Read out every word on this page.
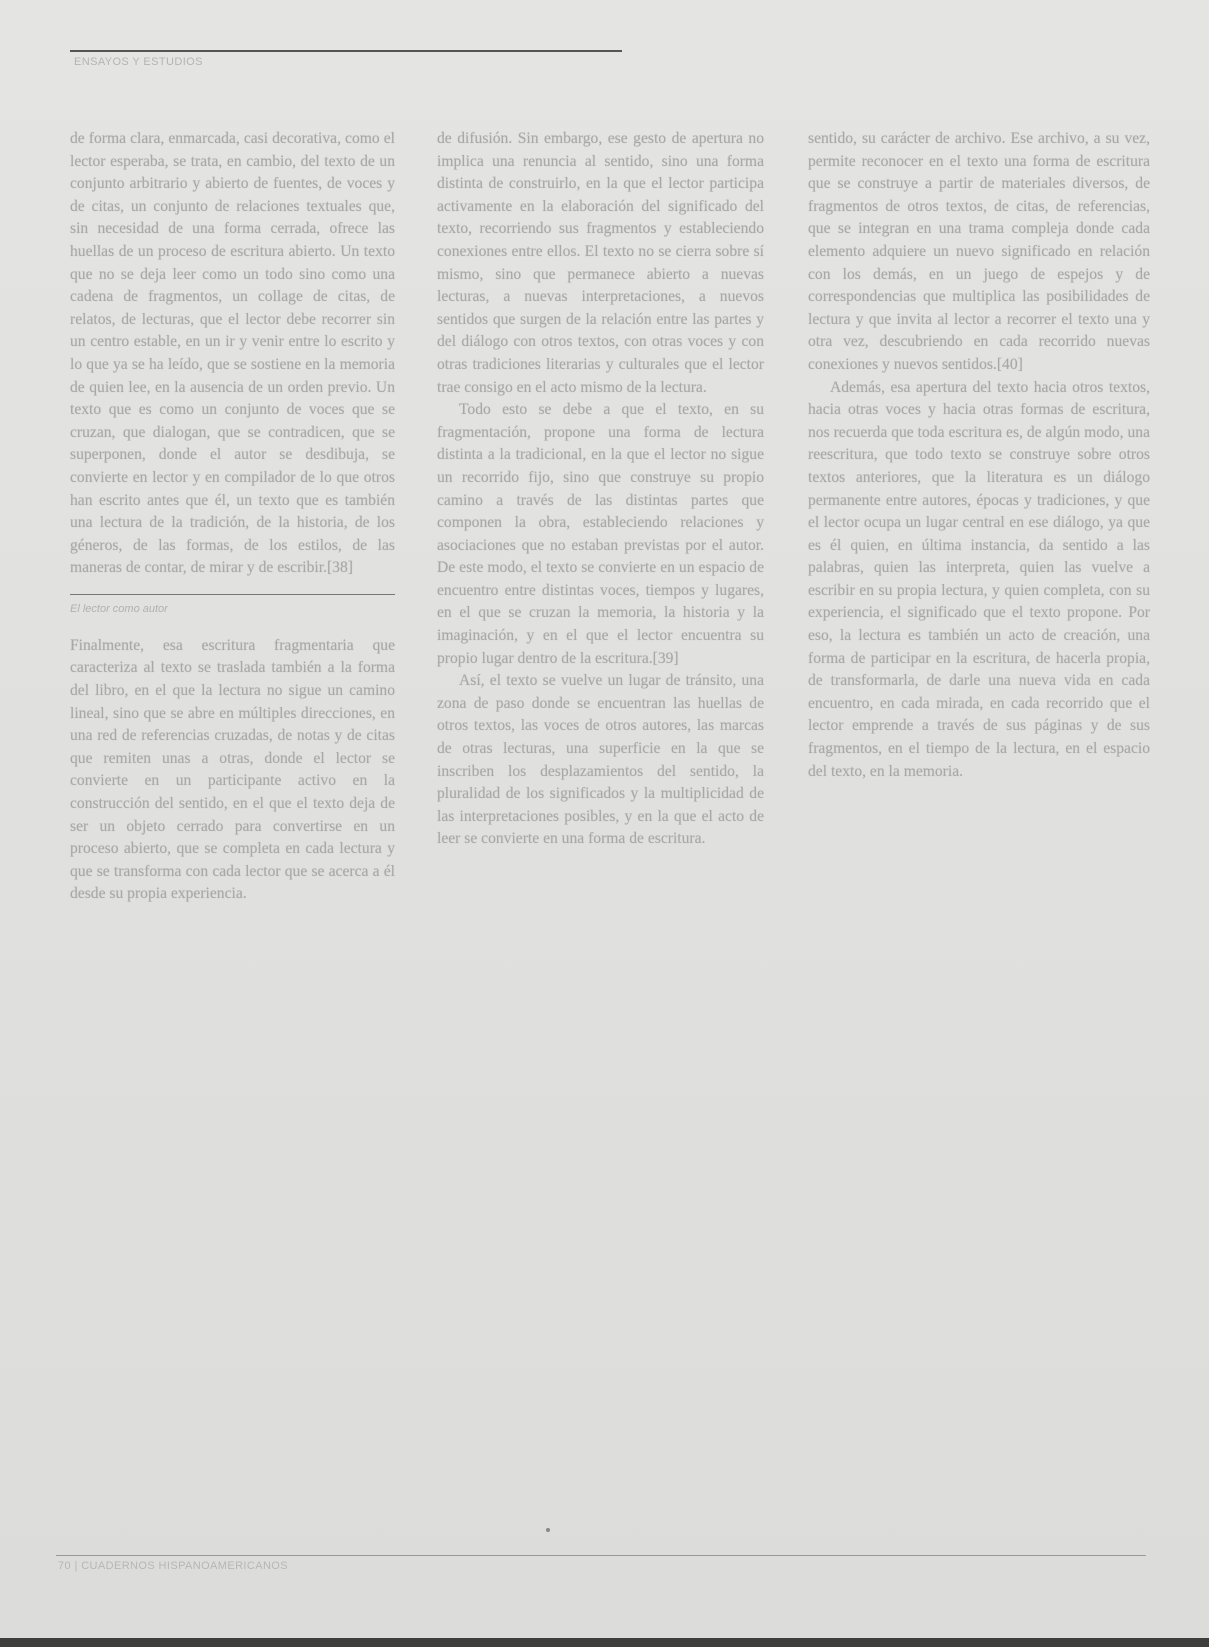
ENSAYOS Y ESTUDIOS

de forma clara, enmarcada, casi decorativa, como el lector esperaba, se trata, en cambio, del texto de un conjunto arbitrario y abierto de fuentes, de voces y de citas, un conjunto de relaciones textuales que, sin necesidad de una forma cerrada, ofrece las huellas de un proceso de escritura abierto. Un texto que no se deja leer como un todo sino como una cadena de fragmentos, un collage de citas, de relatos, de lecturas, que el lector debe recorrer sin un centro estable, en un ir y venir entre lo escrito y lo que ya se ha leído, que se sostiene en la memoria de quien lee, en la ausencia de un orden previo. Un texto que es como un conjunto de voces que se cruzan, que dialogan, que se contradicen, que se superponen, donde el autor se desdibuja, se convierte en lector y en compilador de lo que otros han escrito antes que él, un texto que es también una lectura de la tradición, de la historia, de los géneros, de las formas, de los estilos, de las maneras de contar, de mirar y de escribir.[38]

El lector como autor

Finalmente, esa escritura fragmentaria que caracteriza al texto se traslada también a la forma del libro, en el que la lectura no sigue un camino lineal, sino que se abre en múltiples direcciones, en una red de referencias cruzadas, de notas y de citas que remiten unas a otras, donde el lector se convierte en un participante activo en la construcción del sentido, en el que el texto deja de ser un objeto cerrado para convertirse en un proceso abierto, que se completa en cada lectura y que se transforma con cada lector que se acerca a él desde su propia experiencia.

de difusión. Sin embargo, ese gesto de apertura no implica una renuncia al sentido, sino una forma distinta de construirlo, en la que el lector participa activamente en la elaboración del significado del texto, recorriendo sus fragmentos y estableciendo conexiones entre ellos. El texto no se cierra sobre sí mismo, sino que permanece abierto a nuevas lecturas, a nuevas interpretaciones, a nuevos sentidos que surgen de la relación entre las partes y del diálogo con otros textos, con otras voces y con otras tradiciones literarias y culturales que el lector trae consigo en el acto mismo de la lectura.

Todo esto se debe a que el texto, en su fragmentación, propone una forma de lectura distinta a la tradicional, en la que el lector no sigue un recorrido fijo, sino que construye su propio camino a través de las distintas partes que componen la obra, estableciendo relaciones y asociaciones que no estaban previstas por el autor. De este modo, el texto se convierte en un espacio de encuentro entre distintas voces, tiempos y lugares, en el que se cruzan la memoria, la historia y la imaginación, y en el que el lector encuentra su propio lugar dentro de la escritura.[39]

Así, el texto se vuelve un lugar de tránsito, una zona de paso donde se encuentran las huellas de otros textos, las voces de otros autores, las marcas de otras lecturas, una superficie en la que se inscriben los desplazamientos del sentido, la pluralidad de los significados y la multiplicidad de las interpretaciones posibles, y en la que el acto de leer se convierte en una forma de escritura.

sentido, su carácter de archivo. Ese archivo, a su vez, permite reconocer en el texto una forma de escritura que se construye a partir de materiales diversos, de fragmentos de otros textos, de citas, de referencias, que se integran en una trama compleja donde cada elemento adquiere un nuevo significado en relación con los demás, en un juego de espejos y de correspondencias que multiplica las posibilidades de lectura y que invita al lector a recorrer el texto una y otra vez, descubriendo en cada recorrido nuevas conexiones y nuevos sentidos.[40]

Además, esa apertura del texto hacia otros textos, hacia otras voces y hacia otras formas de escritura, nos recuerda que toda escritura es, de algún modo, una reescritura, que todo texto se construye sobre otros textos anteriores, que la literatura es un diálogo permanente entre autores, épocas y tradiciones, y que el lector ocupa un lugar central en ese diálogo, ya que es él quien, en última instancia, da sentido a las palabras, quien las interpreta, quien las vuelve a escribir en su propia lectura, y quien completa, con su experiencia, el significado que el texto propone. Por eso, la lectura es también un acto de creación, una forma de participar en la escritura, de hacerla propia, de transformarla, de darle una nueva vida en cada encuentro, en cada mirada, en cada recorrido que el lector emprende a través de sus páginas y de sus fragmentos, en el tiempo de la lectura, en el espacio del texto, en la memoria.

70 | CUADERNOS HISPANOAMERICANOS
